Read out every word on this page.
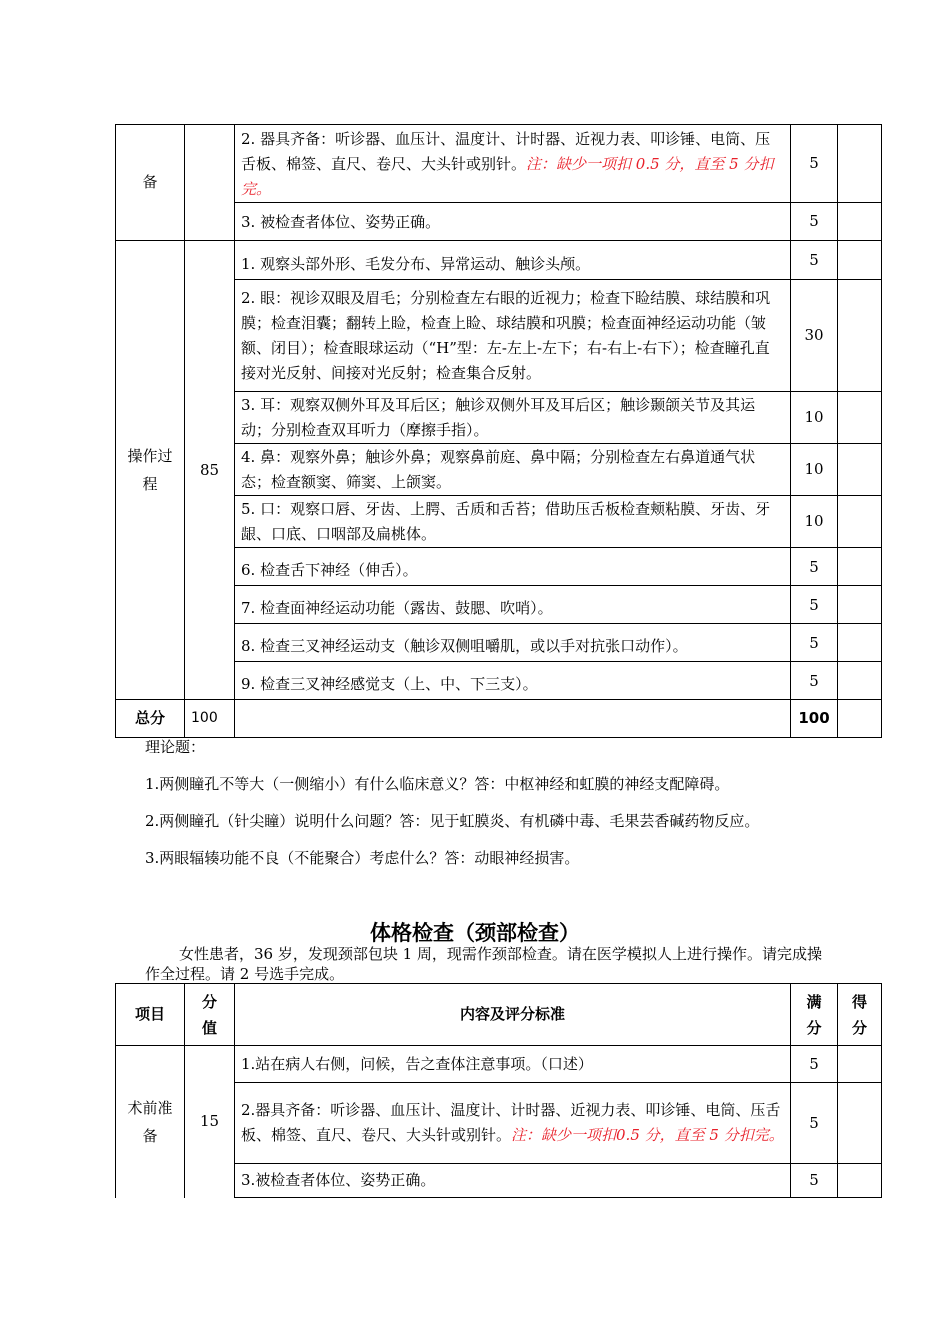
备		2. 器具齐备：听诊器、血压计、温度计、计时器、近视力表、叩诊锤、电筒、压舌板、棉签、直尺、卷尺、大头针或别针。注：缺少一项扣 0.5 分，直至 5 分扣完。	5	
		3. 被检查者体位、姿势正确。	5	
操作过程	85	1. 观察头部外形、毛发分布、异常运动、触诊头颅。	5	
		2. 眼：视诊双眼及眉毛；分别检查左右眼的近视力；检查下睑结膜、球结膜和巩膜；检查泪囊；翻转上睑，检查上睑、球结膜和巩膜；检查面神经运动功能（皱额、闭目）；检查眼球运动（“H”型：左-左上-左下；右-右上-右下）；检查瞳孔直接对光反射、间接对光反射；检查集合反射。	30	
		3. 耳：观察双侧外耳及耳后区；触诊双侧外耳及耳后区；触诊颞颌关节及其运动；分别检查双耳听力（摩擦手指）。	10	
		4. 鼻：观察外鼻；触诊外鼻；观察鼻前庭、鼻中隔；分别检查左右鼻道通气状态；检查额窦、筛窦、上颌窦。	10	
		5. 口：观察口唇、牙齿、上腭、舌质和舌苔；借助压舌板检查颊粘膜、牙齿、牙龈、口底、口咽部及扁桃体。	10	
		6. 检查舌下神经（伸舌）。	5	
		7. 检查面神经运动功能（露齿、鼓腮、吹哨）。	5	
		8. 检查三叉神经运动支（触诊双侧咀嚼肌，或以手对抗张口动作）。	5	
		9. 检查三叉神经感觉支（上、中、下三支）。	5	
总分	100		100	
理论题：
1.两侧瞳孔不等大（一侧缩小）有什么临床意义？答：中枢神经和虹膜的神经支配障碍。
2.两侧瞳孔（针尖瞳）说明什么问题？答：见于虹膜炎、有机磷中毒、毛果芸香碱药物反应。
3.两眼辐辏功能不良（不能聚合）考虑什么？答：动眼神经损害。
体格检查（颈部检查）
女性患者，36 岁，发现颈部包块 1 周，现需作颈部检查。请在医学模拟人上进行操作。请完成操作全过程。请 2 号选手完成。
项目	分值	内容及评分标准	满分	得分
术前准备	15	1.站在病人右侧，问候，告之查体注意事项。（口述）	5	
		2.器具齐备：听诊器、血压计、温度计、计时器、近视力表、叩诊锤、电筒、压舌板、棉签、直尺、卷尺、大头针或别针。注：缺少一项扣0.5 分，直至 5 分扣完。	5	
		3.被检查者体位、姿势正确。	5	
